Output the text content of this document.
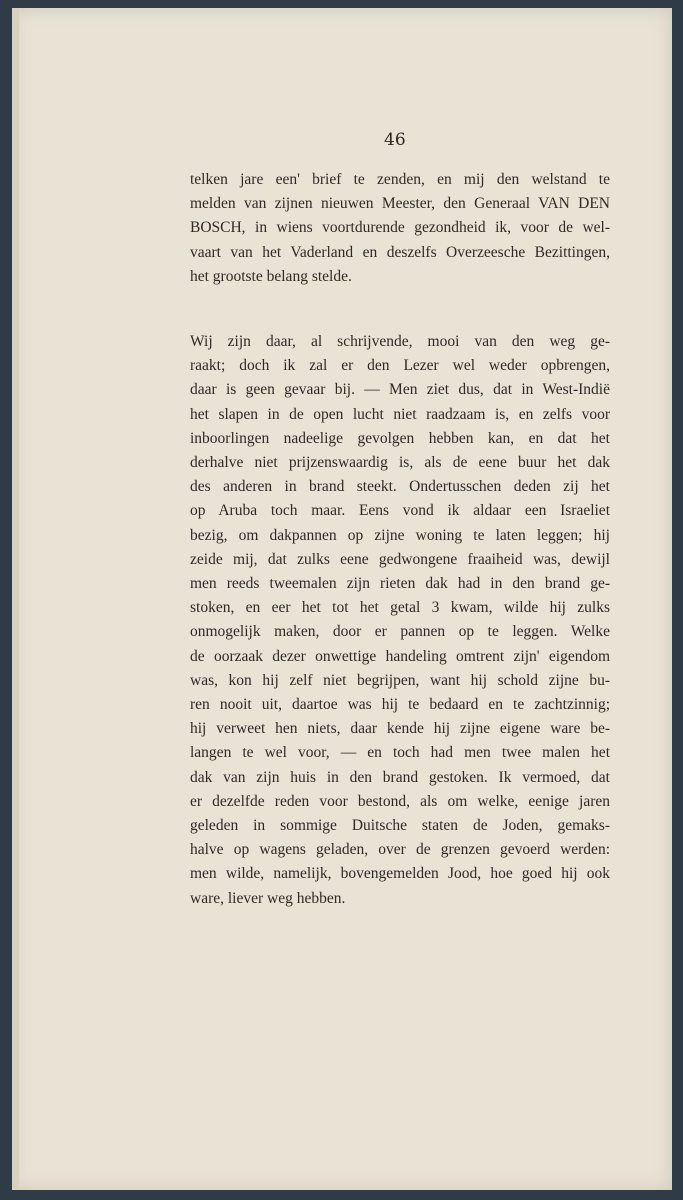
46
telken jare een' brief te zenden, en mij den welstand te
melden van zijnen nieuwen Meester, den Generaal VAN DEN
BOSCH, in wiens voortdurende gezondheid ik, voor de wel-
vaart van het Vaderland en deszelfs Overzeesche Bezittingen,
het grootste belang stelde.
Wij zijn daar, al schrijvende, mooi van den weg ge-
raakt; doch ik zal er den Lezer wel weder opbrengen,
daar is geen gevaar bij. — Men ziet dus, dat in West-Indië
het slapen in de open lucht niet raadzaam is, en zelfs voor
inboorlingen nadeelige gevolgen hebben kan, en dat het
derhalve niet prijzenswaardig is, als de eene buur het dak
des anderen in brand steekt. Ondertusschen deden zij het
op Aruba toch maar. Eens vond ik aldaar een Israeliet
bezig, om dakpannen op zijne woning te laten leggen; hij
zeide mij, dat zulks eene gedwongene fraaiheid was, dewijl
men reeds tweemalen zijn rieten dak had in den brand ge-
stoken, en eer het tot het getal 3 kwam, wilde hij zulks
onmogelijk maken, door er pannen op te leggen. Welke
de oorzaak dezer onwettige handeling omtrent zijn' eigendom
was, kon hij zelf niet begrijpen, want hij schold zijne bu-
ren nooit uit, daartoe was hij te bedaard en te zachtzinnig;
hij verweet hen niets, daar kende hij zijne eigene ware be-
langen te wel voor, — en toch had men twee malen het
dak van zijn huis in den brand gestoken. Ik vermoed, dat
er dezelfde reden voor bestond, als om welke, eenige jaren
geleden in sommige Duitsche staten de Joden, gemaks-
halve op wagens geladen, over de grenzen gevoerd werden:
men wilde, namelijk, bovengemelden Jood, hoe goed hij ook
ware, liever weg hebben.
